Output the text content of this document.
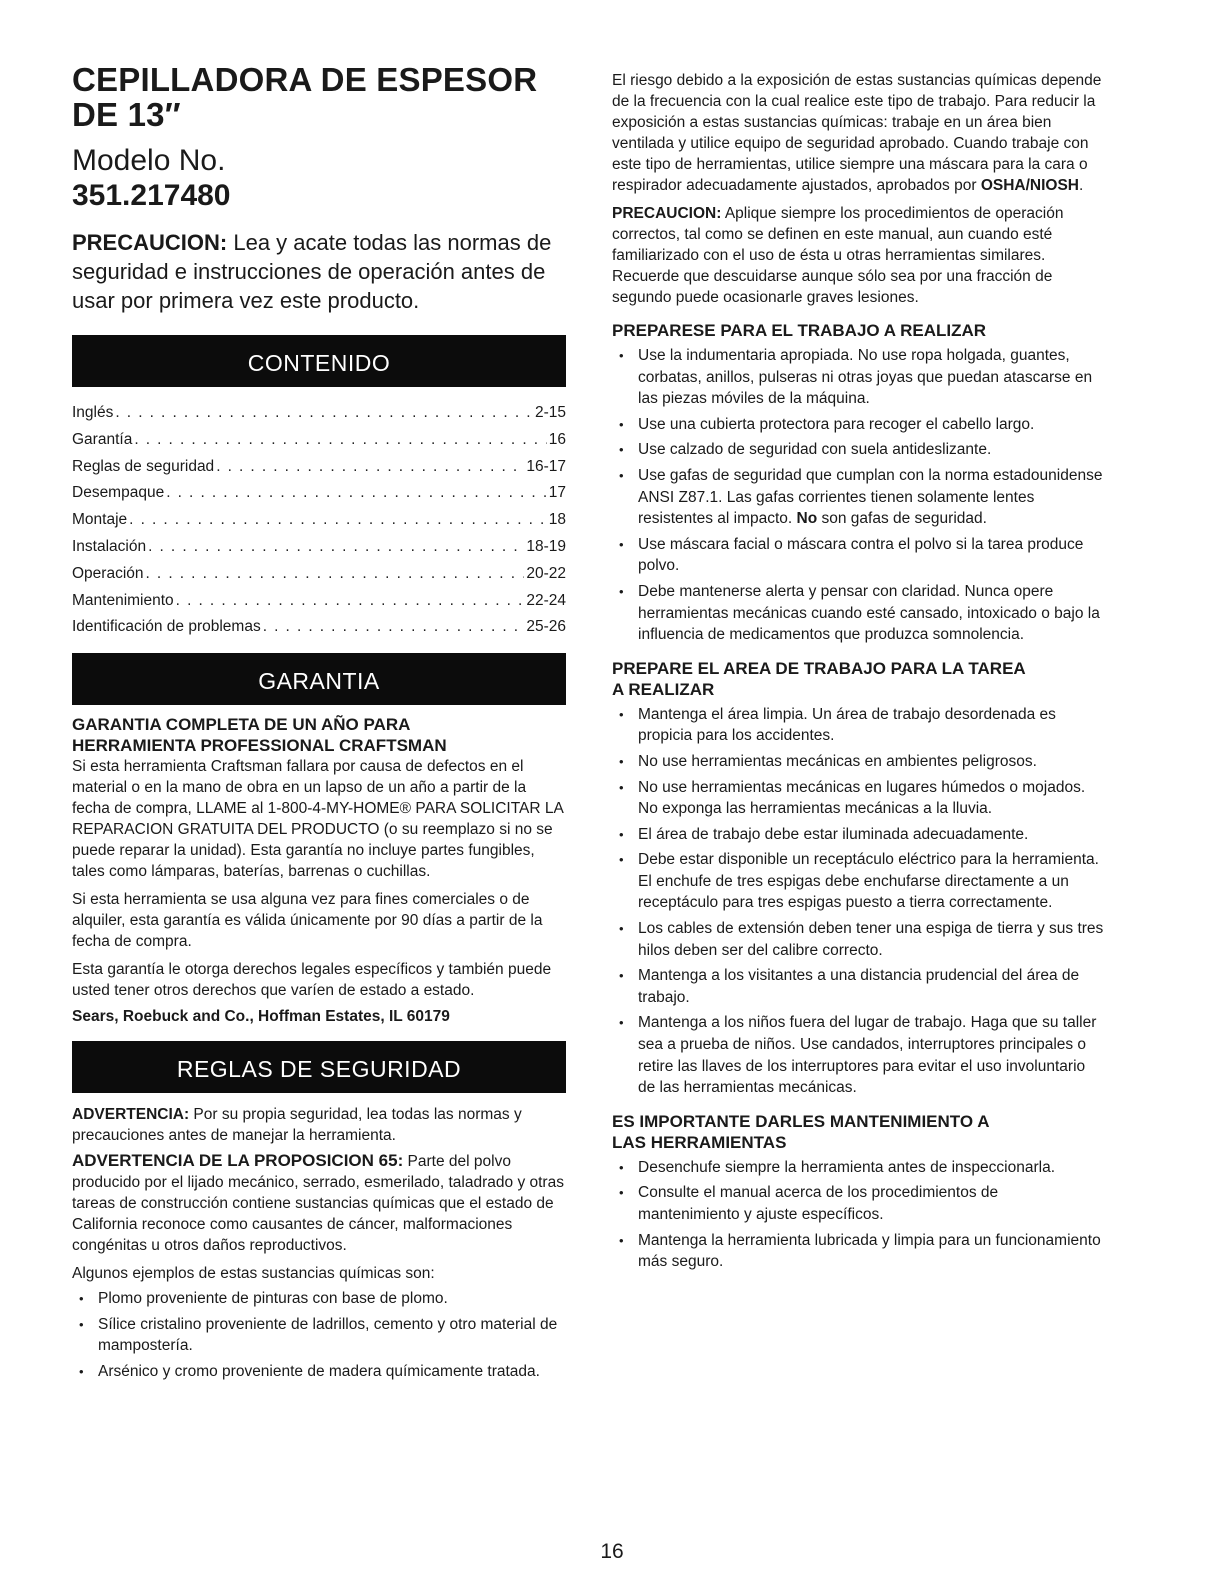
CEPILLADORA DE ESPESOR
DE 13″
Modelo No.
351.217480
PRECAUCION: Lea y acate todas las normas de seguridad e instrucciones de operación antes de usar por primera vez este producto.
CONTENIDO
Inglés . . .	2-15
Garantía . . .	16
Reglas de seguridad . . .	16-17
Desempaque . . .	17
Montaje . . .	18
Instalación . . .	18-19
Operación . . .	20-22
Mantenimiento . . .	22-24
Identificación de problemas . . .	25-26
GARANTIA
GARANTIA COMPLETA DE UN AÑO PARA
HERRAMIENTA PROFESSIONAL CRAFTSMAN

Si esta herramienta Craftsman fallara por causa de defectos en el material o en la mano de obra en un lapso de un año a partir de la fecha de compra, LLAME al 1-800-4-MY-HOME® PARA SOLICITAR LA REPARACION GRATUITA DEL PRODUCTO (o su reemplazo si no se puede reparar la unidad). Esta garantía no incluye partes fungibles, tales como lámparas, baterías, barrenas o cuchillas.

Si esta herramienta se usa alguna vez para fines comerciales o de alquiler, esta garantía es válida únicamente por 90 días a partir de la fecha de compra.

Esta garantía le otorga derechos legales específicos y también puede usted tener otros derechos que varíen de estado a estado.

Sears, Roebuck and Co., Hoffman Estates, IL 60179
REGLAS DE SEGURIDAD
ADVERTENCIA: Por su propia seguridad, lea todas las normas y precauciones antes de manejar la herramienta.
ADVERTENCIA DE LA PROPOSICION 65: Parte del polvo producido por el lijado mecánico, serrado, esmerilado, taladrado y otras tareas de construcción contiene sustancias químicas que el estado de California reconoce como causantes de cáncer, malformaciones congénitas u otros daños reproductivos.

Algunos ejemplos de estas sustancias químicas son:

• Plomo proveniente de pinturas con base de plomo.
• Sílice cristalino proveniente de ladrillos, cemento y otro material de mampostería.
• Arsénico y cromo proveniente de madera químicamente tratada.

El riesgo debido a la exposición de estas sustancias químicas depende de la frecuencia con la cual realice este tipo de trabajo. Para reducir la exposición a estas sustancias químicas: trabaje en un área bien ventilada y utilice equipo de seguridad aprobado. Cuando trabaje con este tipo de herramientas, utilice siempre una máscara para la cara o respirador adecuadamente ajustados, aprobados por OSHA/NIOSH.

PRECAUCION: Aplique siempre los procedimientos de operación correctos, tal como se definen en este manual, aun cuando esté familiarizado con el uso de ésta u otras herramientas similares. Recuerde que descuidarse aunque sólo sea por una fracción de segundo puede ocasionarle graves lesiones.

PREPARESE PARA EL TRABAJO A REALIZAR
• Use la indumentaria apropiada. No use ropa holgada, guantes, corbatas, anillos, pulseras ni otras joyas que puedan atascarse en las piezas móviles de la máquina.
• Use una cubierta protectora para recoger el cabello largo.
• Use calzado de seguridad con suela antideslizante.
• Use gafas de seguridad que cumplan con la norma estadounidense ANSI Z87.1. Las gafas corrientes tienen solamente lentes resistentes al impacto. No son gafas de seguridad.
• Use máscara facial o máscara contra el polvo si la tarea produce polvo.
• Debe mantenerse alerta y pensar con claridad. Nunca opere herramientas mecánicas cuando esté cansado, intoxicado o bajo la influencia de medicamentos que produzca somnolencia.
PREPARE EL AREA DE TRABAJO PARA LA TAREA
A REALIZAR
• Mantenga el área limpia. Un área de trabajo desordenada es propicia para los accidentes.
• No use herramientas mecánicas en ambientes peligrosos.
• No use herramientas mecánicas en lugares húmedos o mojados. No exponga las herramientas mecánicas a la lluvia.
• El área de trabajo debe estar iluminada adecuadamente.
• Debe estar disponible un receptáculo eléctrico para la herramienta. El enchufe de tres espigas debe enchufarse directamente a un receptáculo para tres espigas puesto a tierra correctamente.
• Los cables de extensión deben tener una espiga de tierra y sus tres hilos deben ser del calibre correcto.
• Mantenga a los visitantes a una distancia prudencial del área de trabajo.
• Mantenga a los niños fuera del lugar de trabajo. Haga que su taller sea a prueba de niños. Use candados, interruptores principales o retire las llaves de los interruptores para evitar el uso involuntario de las herramientas mecánicas.
ES IMPORTANTE DARLES MANTENIMIENTO A
LAS HERRAMIENTAS
• Desenchufe siempre la herramienta antes de inspeccionarla.
• Consulte el manual acerca de los procedimientos de mantenimiento y ajuste específicos.
• Mantenga la herramienta lubricada y limpia para un funcionamiento más seguro.
16
